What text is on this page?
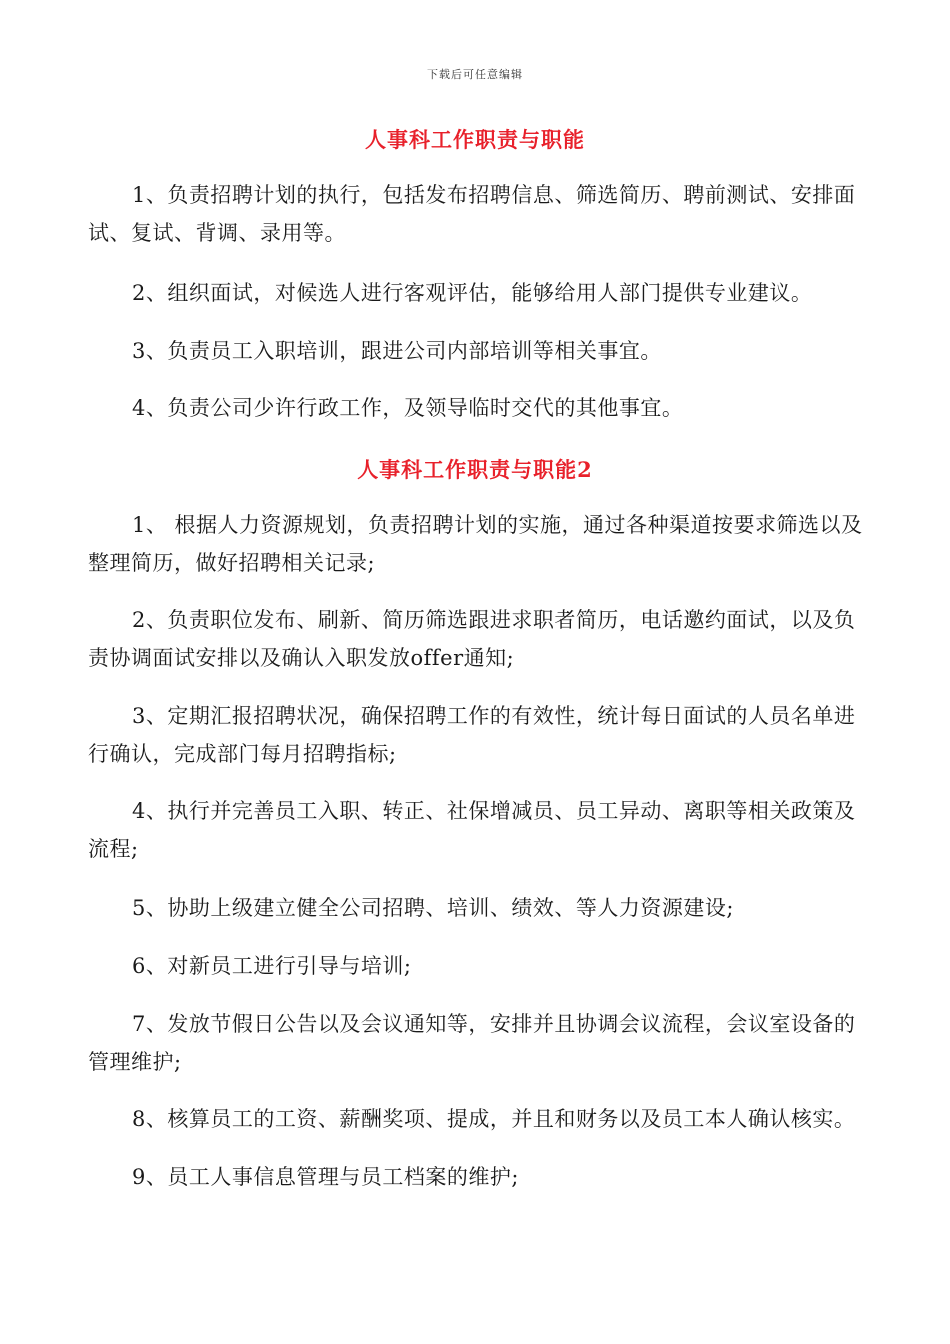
下载后可任意编辑
人事科工作职责与职能
1、负责招聘计划的执行，包括发布招聘信息、筛选简历、聘前测试、安排面试、复试、背调、录用等。
2、组织面试，对候选人进行客观评估，能够给用人部门提供专业建议。
3、负责员工入职培训，跟进公司内部培训等相关事宜。
4、负责公司少许行政工作，及领导临时交代的其他事宜。
人事科工作职责与职能2
1、 根据人力资源规划，负责招聘计划的实施，通过各种渠道按要求筛选以及整理简历，做好招聘相关记录;
2、负责职位发布、刷新、简历筛选跟进求职者简历，电话邀约面试，以及负责协调面试安排以及确认入职发放offer通知;
3、定期汇报招聘状况，确保招聘工作的有效性，统计每日面试的人员名单进行确认，完成部门每月招聘指标;
4、执行并完善员工入职、转正、社保增减员、员工异动、离职等相关政策及流程;
5、协助上级建立健全公司招聘、培训、绩效、等人力资源建设;
6、对新员工进行引导与培训;
7、发放节假日公告以及会议通知等，安排并且协调会议流程，会议室设备的管理维护;
8、核算员工的工资、薪酬奖项、提成，并且和财务以及员工本人确认核实。
9、员工人事信息管理与员工档案的维护;
